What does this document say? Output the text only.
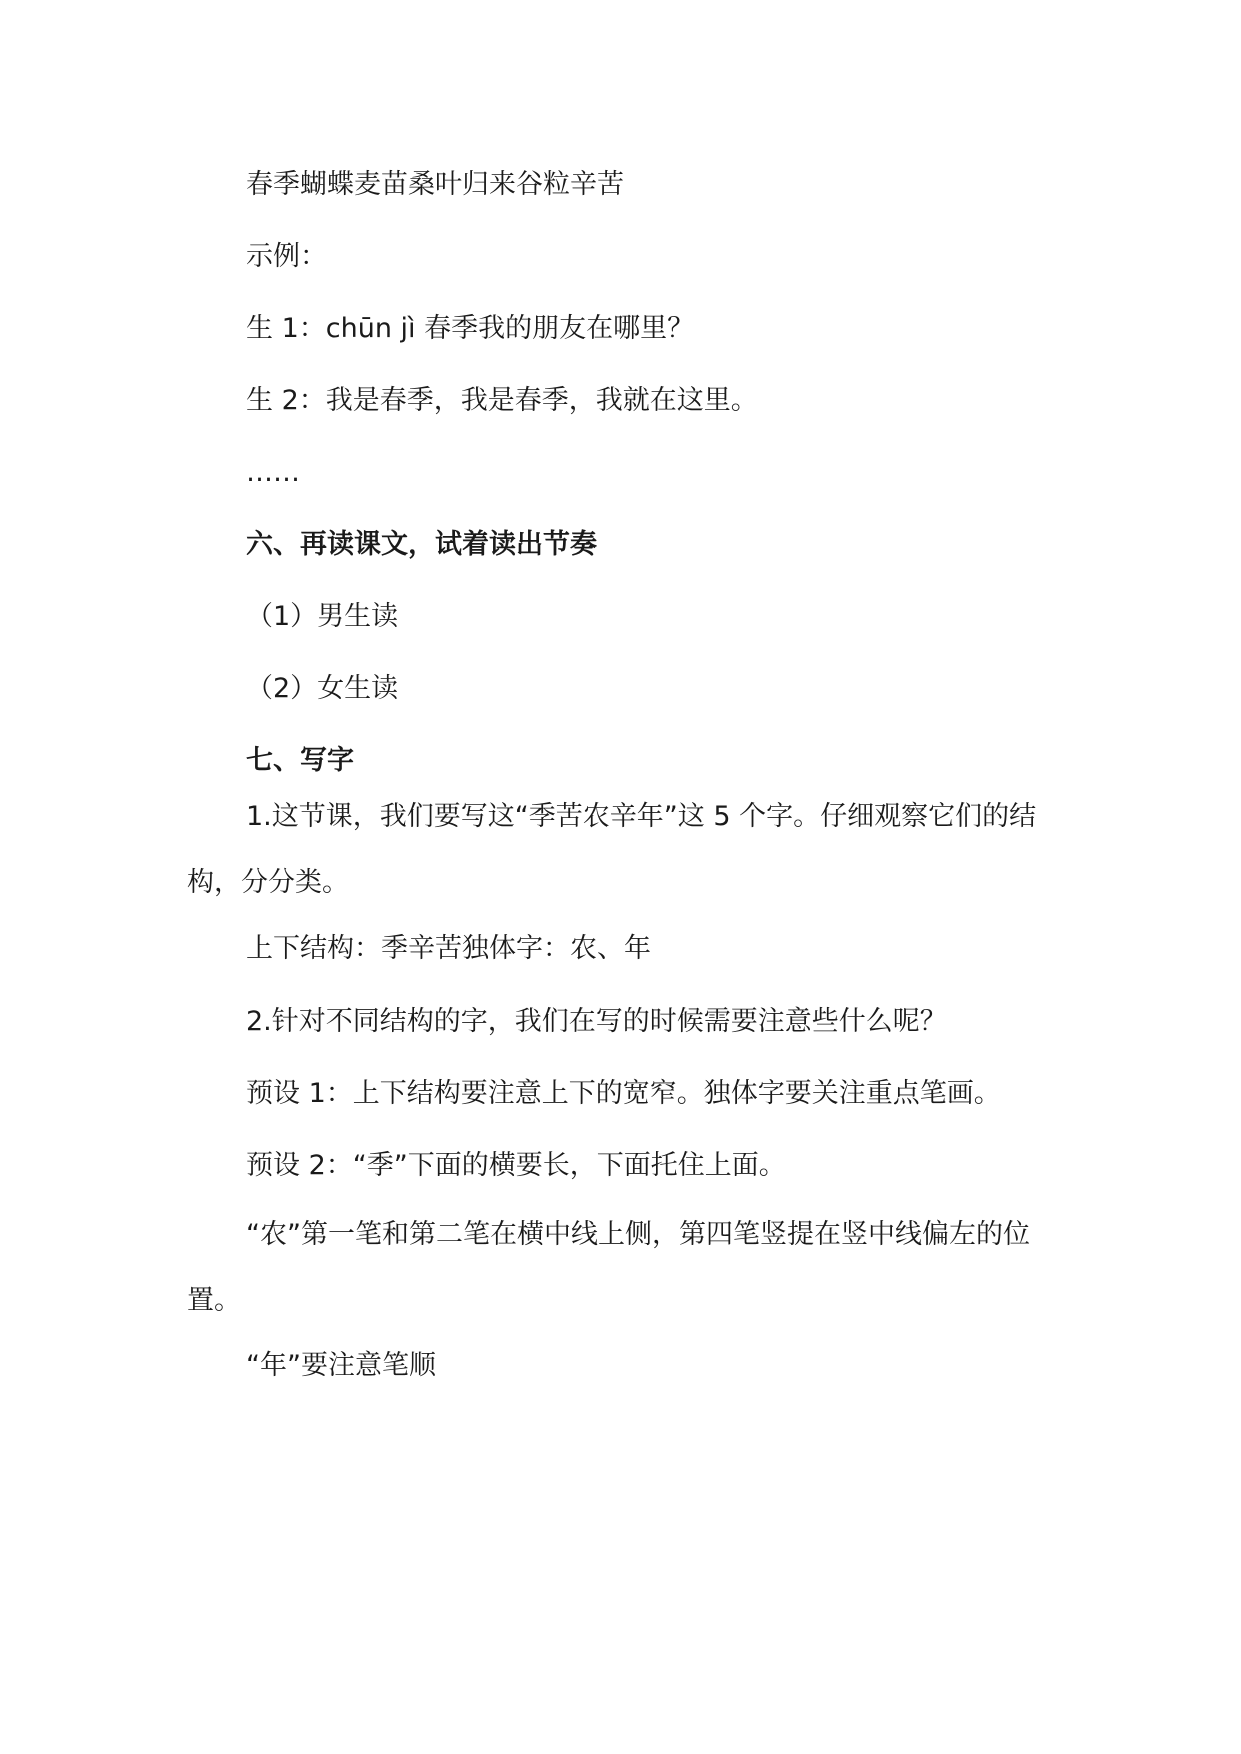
春季蝴蝶麦苗桑叶归来谷粒辛苦
示例：
生 1：chūn jì 春季我的朋友在哪里？
生 2：我是春季，我是春季，我就在这里。
……
六、再读课文，试着读出节奏
（1）男生读
（2）女生读
七、写字
1.这节课，我们要写这“季苦农辛年”这 5 个字。仔细观察它们的结构，分分类。
上下结构：季辛苦独体字：农、年
2.针对不同结构的字，我们在写的时候需要注意些什么呢？
预设 1：上下结构要注意上下的宽窄。独体字要关注重点笔画。
预设 2：“季”下面的横要长，下面托住上面。
“农”第一笔和第二笔在横中线上侧，第四笔竖提在竖中线偏左的位置。
“年”要注意笔顺
